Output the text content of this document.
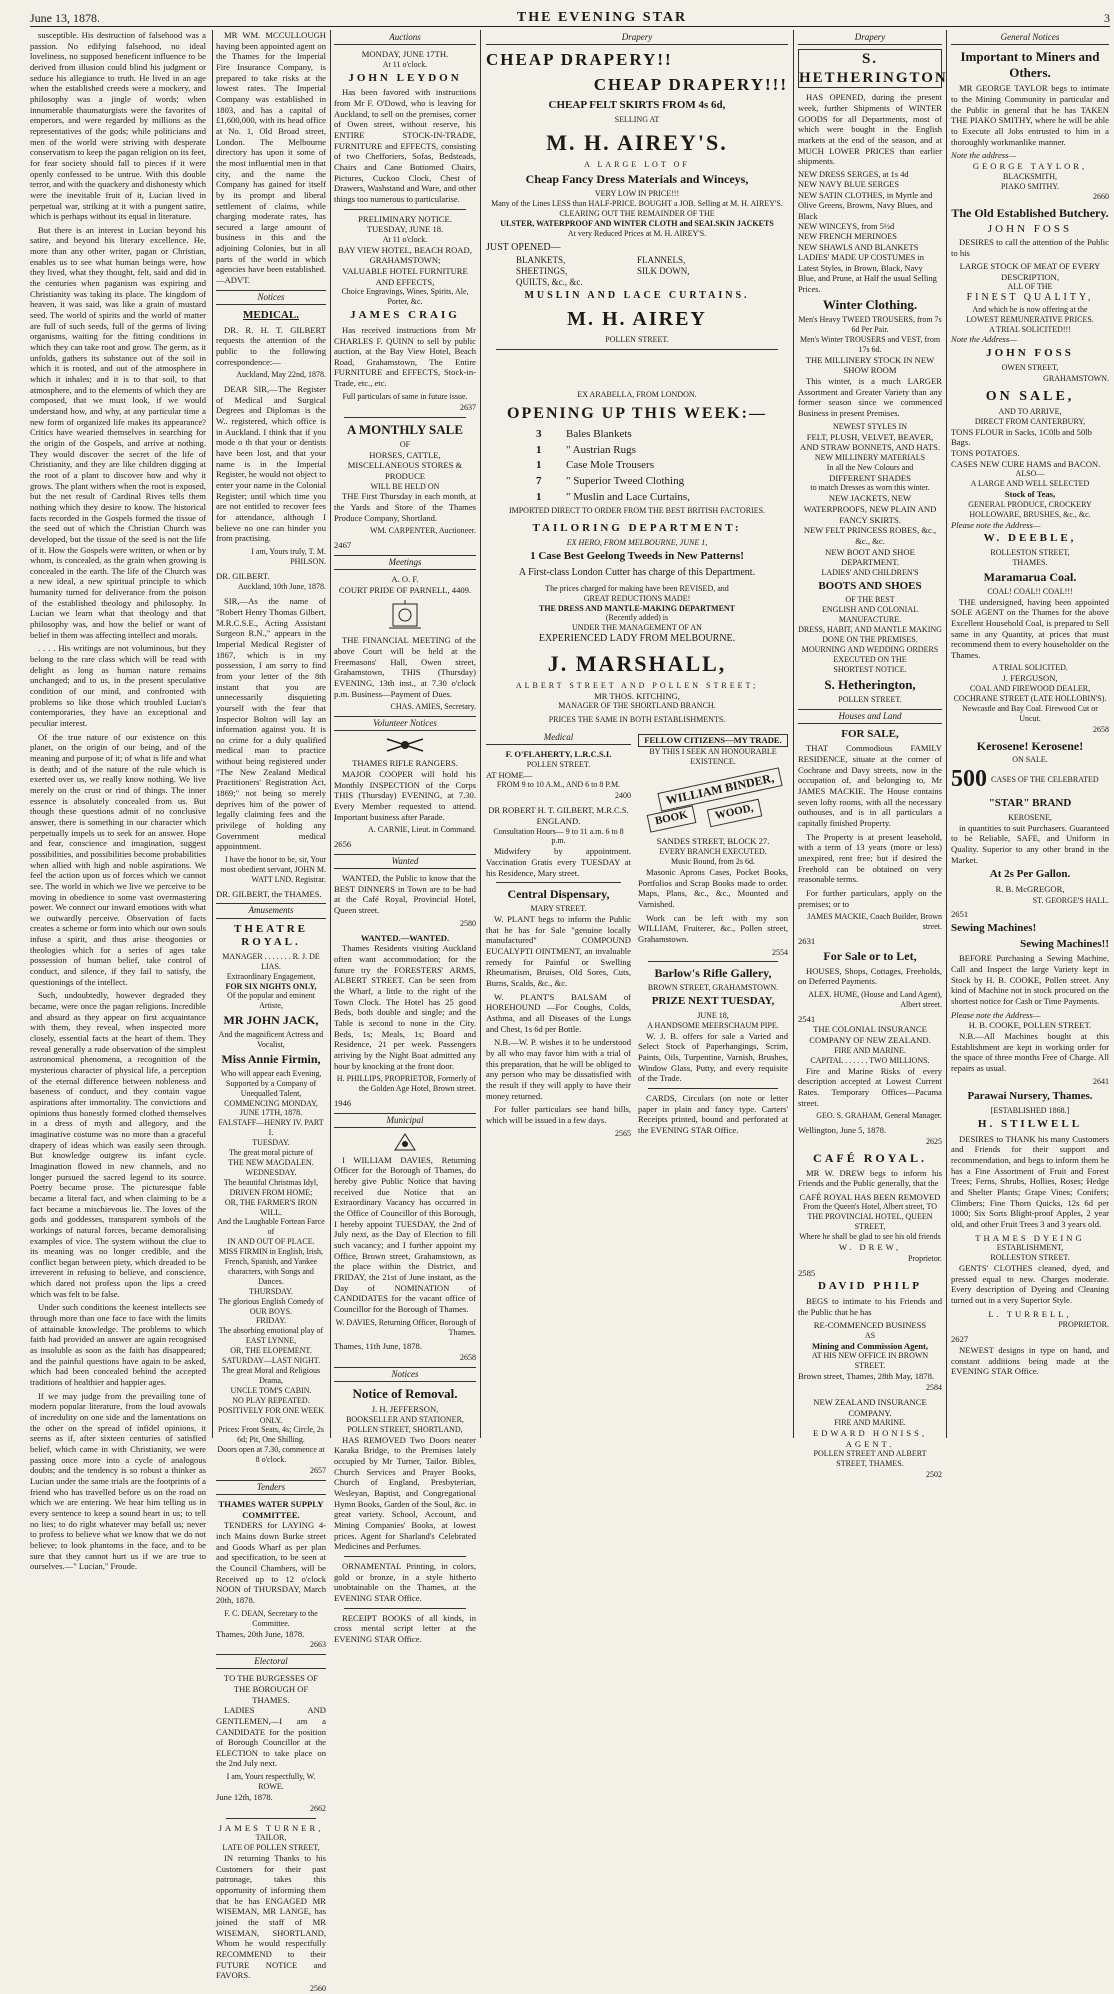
June 13, 1878.	THE EVENING STAR	3

susceptible. His destruction of falsehood was a passion. No edifying falsehood, no ideal loveliness, no supposed beneficent influence to be derived from illusion could blind his judgment or seduce his allegiance to truth. He lived in an age when the established creeds were a mockery, and philosophy was a jingle of words; when innumerable thaumaturgists were the favorites of emperors, and were regarded by millions as the representatives of the gods; while politicians and men of the world were striving with desperate conservatism to keep the pagan religion on its feet, for fear society should fall to pieces if it were openly confessed to be untrue. With this double terror, and with the quackery and dishonesty which were the inevitable fruit of it, Lucian lived in perpetual war, striking at it with a pungent satire, which is perhaps without its equal in literature.

But there is an interest in Lucian beyond his satire, and beyond his literary excellence. He, more than any other writer, pagan or Christian, enables us to see what human beings were, how they lived, what they thought, felt, said and did in the centuries when paganism was expiring and Christianity was taking its place. The kingdom of heaven, it was said, was like a grain of mustard seed. The world of spirits and the world of matter are full of such seeds, full of the germs of living organisms, waiting for the fitting conditions in which they can take root and grow. The germ, as it unfolds, gathers its substance out of the soil in which it is rooted, and out of the atmosphere in which it inhales; and it is to that soil, to that atmosphere, and to the elements of which they are composed, that we must look, if we would understand how, and why, at any particular time a new form of organized life makes its appearance? Critics have wearied themselves in searching for the origin of the Gospels, and arrive at nothing. They would discover the secret of the life of Christianity, and they are like children digging at the root of a plant to discover how and why it grows. The plant withers when the root is exposed, but the net result of Cardinal Rives tells them nothing which they desire to know. The historical facts recorded in the Gospels formed the tissue of the seed out of which the Christian Church was developed, but the tissue of the seed is not the life of it. How the Gospels were written, or when or by whom, is concealed, as the grain when growing is concealed in the earth. The life of the Church was a new ideal, a new spiritual principle to which humanity turned for deliverance from the poison of the established theology and philosophy. In Lucian we learn what that theology and that philosophy was, and how the belief or want of belief in them was affecting intellect and morals.

. . . . His writings are not voluminous, but they belong to the rare class which will be read with delight as long as human nature remains unchanged; and to us, in the present speculative condition of our mind, and confronted with problems so like those which troubled Lucian's contemporaries, they have an exceptional and peculiar interest.

Of the true nature of our existence on this planet, on the origin of our being, and of the meaning and purpose of it; of what is life and what is death; and of the nature of the rule which is exerted over us, we really know nothing. We live merely on the crust or rind of things. The inner essence is absolutely concealed from us. But though these questions admit of no conclusive answer, there is something in our character which perpetually impels us to seek for an answer. Hope and fear, conscience and imagination, suggest possibilities, and possibilities become probabilities when allied with high and noble aspirations. We feel the action upon us of forces which we cannot see. The world in which we live we perceive to be moving in obedience to some vast overmastering power. We connect our inward emotions with what we outwardly perceive. Observation of facts creates a scheme or form into which our own souls infuse a spirit, and thus arise theogonies or theologies which for a series of ages take possession of human belief, take control of conduct, and silence, if they fail to satisfy, the questionings of the intellect.

Such, undoubtedly, however degraded they became, were once the pagan religions. Incredible and absurd as they appear on first acquaintance with them, they reveal, when inspected more closely, essential facts at the heart of them. They reveal generally a rude observation of the simplest astronomical phenomena, a recognition of the mysterious character of physical life, a perception of the eternal difference between nobleness and baseness of conduct, and they contain vague aspirations after immortality. The convictions and opinions thus honestly formed clothed themselves in a dress of myth and allegory, and the imaginative costume was no more than a graceful drapery of ideas which was easily seen through. But knowledge outgrew its infant cycle. Imagination flowed in new channels, and no longer pursued the sacred legend to its source. Poetry became prose. The picturesque fable became a literal fact, and when claiming to be a fact became a mischievous lie. The loves of the gods and goddesses, transparent symbols of the workings of natural forces, became demoralising examples of vice. The system without the clue to its meaning was no longer credible, and the conflict began between piety, which dreaded to be irreverent in refusing to believe, and conscience, which dared not profess upon the lips a creed which was felt to be false.

Under such conditions the keenest intellects see through more than one face to face with the limits of attainable knowledge. The problems to which faith had provided an answer are again recognised as insoluble as soon as the faith has disappeared; and the painful questions have again to be asked, which had been concealed behind the accepted traditions of healthier and happier ages.

If we may judge from the prevailing tone of modern popular literature, from the loud avowals of incredulity on one side and the lamentations on the other on the spread of infidel opinions, it seems as if, after sixteen centuries of satisfied belief, which came in with Christianity, we were passing once more into a cycle of analogous doubts; and the tendency is so robust a thinker as Lucian under the same trials are the footprints of a friend who has travelled before us on the road on which we are entering. We hear him telling us in every sentence to keep a sound heart in us; to tell no lies; to do right whatever may befall us; never to profess to believe what we know that we do not believe; to look phantoms in the face, and to be sure that they cannot hurt us if we are true to ourselves.—" Lucian," Froude.

MR WM. MCCULLOUGH having been appointed agent on the Thames for the Imperial Fire Insurance Company, is prepared to take risks at the lowest rates. The Imperial Company was established in 1803, and has a capital of £1,600,000, with its head office at No. 1, Old Broad street, London. The Melbourne directory has upon it some of the most influential men in that city, and the name the Company has gained for itself by its prompt and liberal settlement of claims, while charging moderate rates, has secured a large amount of business in this and the adjoining Colonies, but in all parts of the world in which agencies have been established.—ADVT.

Notices
MEDICAL.

DR. R. H. T. GILBERT requests the attention of the public to the following correspondence:—

Auckland, May 22nd, 1878.

DEAR SIR,—The Register of Medical and Surgical Degrees and Diplomas is the W.. registered, which office is in Auckland. I think that if you mode o th that your or dentists have been lost, and that your name is in the Imperial Register, he would not object to enter your name in the Colonial Register; until which time you are not entitled to recover fees for attendance, although I believe no one can hinder you from practising.

I am, Yours truly, T. M. PHILSON.
DR. GILBERT.
Auckland, 10th June, 1878.

SIR,—As the name of "Robert Henry Thomas Gilbert, M.R.C.S.E., Acting Assistant Surgeon R.N.," appears in the Imperial Medical Register of 1867, which is in my possession, I am sorry to find from your letter of the 8th instant that you are unnecessarily disquieting yourself with the fear that Inspector Bolton will lay an information against you. It is no crime for a duly qualified medical man to practice without being registered under "The New Zealand Medical Practitioners' Registration Act, 1869;" not being so merely deprives him of the power of legally claiming fees and the privilege of holding any Government medical appointment.

I have the honor to be, sir, Your most obedient servant, JOHN M. WATT LND. Registrar.
DR. GILBERT, the THAMES.
Amusements
THEATRE ROYAL.
MANAGER . . . . . . . R. J. DE LIAS.
Extraordinary Engagement,
FOR SIX NIGHTS ONLY,
Of the popular and eminent Artiste,
MR JOHN JACK,
And the magnificent Actress and Vocalist,
Miss Annie Firmin,
Who will appear each Evening,
Supported by a Company of Unequalled Talent,
COMMENCING MONDAY,
JUNE 17TH, 1878.
FALSTAFF—HENRY IV. PART I.
TUESDAY.
The great moral picture of
THE NEW MAGDALEN.
WEDNESDAY.
The beautiful Christmas Idyl,
DRIVEN FROM HOME;
OR, THE FARMER'S IRON WILL.
And the Laughable Fortean Farce of
IN AND OUT OF PLACE.
MISS FIRMIN in English, Irish, French, Spanish, and Yankee characters, with Songs and Dances.
THURSDAY.
The glorious English Comedy of
OUR BOYS.
FRIDAY.
The absorbing emotional play of
EAST LYNNE,
OR, THE ELOPEMENT.
SATURDAY—LAST NIGHT.
The great Moral and Religious Drama,
UNCLE TOM'S CABIN.
NO PLAY REPEATED.
POSITIVELY FOR ONE WEEK ONLY.
Prices: Front Seats, 4s; Circle, 2s 6d; Pit, One Shilling.
Doors open at 7.30, commence at 8 o'clock.
2657
Tenders
THAMES WATER SUPPLY COMMITTEE.

TENDERS for LAYING 4-inch Mains down Burke street and Goods Wharf as per plan and specification, to be seen at the Council Chambers, will be Received up to 12 o'clock NOON of THURSDAY, March 20th, 1878.

F. C. DEAN, Secretary to the Committee.
Thames, 20th June, 1878.
2663
Electoral
TO THE BURGESSES OF THE BOROUGH OF THAMES.

LADIES AND GENTLEMEN,—I am a CANDIDATE for the position of Borough Councillor at the ELECTION to take place on the 2nd July next.

I am, Yours respectfully, W. ROWE.
June 12th, 1878.
2662
JAMES TURNER,
TAILOR,
LATE OF POLLEN STREET,

IN returning Thanks to his Customers for their past patronage, takes this opportunity of informing them that he has ENGAGED MR WISEMAN, MR LANGE, has joined the staff of MR WISEMAN, SHORTLAND, Whom he would respectfully RECOMMEND to their FUTURE NOTICE and FAVORS.

2560
Auctions
MONDAY, JUNE 17TH.
At 11 o'clock.
JOHN LEYDON

Has been favored with instructions from Mr F. O'Dowd, who is leaving for Auckland, to sell on the premises, corner of Owen street, without reserve, his ENTIRE STOCK-IN-TRADE, FURNITURE and EFFECTS, consisting of two Chefforiers, Sofas, Bedsteads, Chairs and Cane Bottomed Chairs, Pictures, Cuckoo Clock, Chest of Drawers, Washstand and Ware, and other things too numerous to particularise.

PRELIMINARY NOTICE.
TUESDAY, JUNE 18.
At 11 o'clock.
BAY VIEW HOTEL, BEACH ROAD, GRAHAMSTOWN;
VALUABLE HOTEL FURNITURE AND EFFECTS,
Choice Engravings, Wines, Spirits, Ale, Porter, &c.
JAMES CRAIG

Has received instructions from Mr CHARLES F. QUINN to sell by public auction, at the Bay View Hotel, Beach Road, Grahamstown, The Entire FURNITURE and EFFECTS, Stock-in-Trade, etc., etc.

Full particulars of same in future issue.
2637
A MONTHLY SALE
OF
HORSES, CATTLE, MISCELLANEOUS STORES & PRODUCE
WILL BE HELD ON

THE First Thursday in each month, at the Yards and Store of the Thames Produce Company, Shortland.

WM. CARPENTER, Auctioneer.
2467
Meetings
A. O. F.
COURT PRIDE OF PARNELL, 4409.

THE FINANCIAL MEETING of the above Court will be held at the Freemasons' Hall, Owen street, Grahamstown, THIS (Thursday) EVENING, 13th inst., at 7.30 o'clock p.m. Business—Payment of Dues.

CHAS. AMIES, Secretary.
Volunteer Notices
THAMES RIFLE RANGERS.

MAJOR COOPER will hold his Monthly INSPECTION of the Corps THIS (Thursday) EVENING, at 7.30. Every Member requested to attend. Important business after Parade.

A. CARNIE, Lieut. in Command.
2656
Wanted

WANTED, the Public to know that the BEST DINNERS in Town are to be had at the Café Royal, Provincial Hotel, Queen street.

2580
WANTED.—WANTED.

Thames Residents visiting Auckland often want accommodation; for the future try the FORESTERS' ARMS, ALBERT STREET. Can be seen from the Wharf, a little to the right of the Town Clock. The Hotel has 25 good Beds, both double and single; and the Table is second to none in the City. Beds, 1s; Meals, 1s; Board and Residence, 21 per week. Passengers arriving by the Night Boat admitted any hour by knocking at the front door.

H. PHILLIPS, PROPRIETOR, Formerly of the Golden Age Hotel, Brown street.
1946
Municipal

I WILLIAM DAVIES, Returning Officer for the Borough of Thames, do hereby give Public Notice that having received due Notice that an Extraordinary Vacancy has occurred in the Office of Councillor of this Borough, I hereby appoint TUESDAY, the 2nd of July next, as the Day of Election to fill such vacancy; and I further appoint my Office, Brown street, Grahamstown, as the place within the District, and FRIDAY, the 21st of June instant, as the Day of NOMINATION of CANDIDATES for the vacant office of Councillor for the Borough of Thames.

W. DAVIES, Returning Officer, Borough of Thames.
Thames, 11th June, 1878.
2658
Notices
Notice of Removal.
J. H. JEFFERSON,
BOOKSELLER AND STATIONER,
POLLEN STREET, SHORTLAND,

HAS REMOVED Two Doors nearer Karaka Bridge, to the Premises lately occupied by Mr Turner, Tailor. Bibles, Church Services and Prayer Books, Church of England, Presbyterian, Wesleyan, Baptist, and Congregational Hymn Books, Garden of the Soul, &c. in great variety. School, Account, and Mining Companies' Books, at lowest prices. Agent for Sharland's Celebrated Medicines and Perfumes.

ORNAMENTAL Printing, in colors, gold or bronze, in a style hitherto unobtainable on the Thames, at the EVENING STAR Office.

RECEIPT BOOKS of all kinds, in cross mental script letter at the EVENING STAR Office.

Drapery
CHEAP DRAPERY!!
CHEAP DRAPERY!!!
CHEAP FELT SKIRTS FROM 4s 6d,
SELLING AT
M. H. AIREY'S.
A LARGE LOT OF
Cheap Fancy Dress Materials and Winceys,
VERY LOW IN PRICE!!!
Many of the Lines LESS than HALF-PRICE. BOUGHT a JOB. Selling at M. H. AIREY'S.
CLEARING OUT THE REMAINDER OF THE
ULSTER, WATERPROOF AND WINTER CLOTH and SEALSKIN JACKETS
At very Reduced Prices at M. H. AIREY'S.
JUST OPENED—
BLANKETS,	FLANNELS,
SHEETINGS,	SILK DOWN,
QUILTS, &c., &c.
MUSLIN AND LACE CURTAINS.
M. H. AIREY
POLLEN STREET.
EX ARABELLA, FROM LONDON.
OPENING UP THIS WEEK:—
3	Bales Blankets
1	" Austrian Rugs
1	Case Mole Trousers
7	" Superior Tweed Clothing
1	" Muslin and Lace Curtains,
IMPORTED DIRECT TO ORDER FROM THE BEST BRITISH FACTORIES.
TAILORING DEPARTMENT:
EX HERO, FROM MELBOURNE, JUNE 1,
1 Case Best Geelong Tweeds in New Patterns!
A First-class London Cutter has charge of this Department.
The prices charged for making have been REVISED, and
GREAT REDUCTIONS MADE!
THE DRESS AND MANTLE-MAKING DEPARTMENT
(Recently added) is
UNDER THE MANAGEMENT OF AN
EXPERIENCED LADY FROM MELBOURNE.
J. MARSHALL,
ALBERT STREET AND POLLEN STREET;
MR THOS. KITCHING,
MANAGER OF THE SHORTLAND BRANCH.
PRICES THE SAME IN BOTH ESTABLISHMENTS.
Medical
F. O'FLAHERTY, L.R.C.S.I.
POLLEN STREET.
AT HOME—
FROM 9 to 10 A.M., AND 6 to 8 P.M.
2400
DR ROBERT H. T. GILBERT, M.R.C.S. ENGLAND.
Consultation Hours— 9 to 11 a.m. 6 to 8 p.m.

Midwifery by appointment. Vaccination Gratis every TUESDAY at his Residence, Mary street.

Central Dispensary,
MARY STREET.

W. PLANT begs to inform the Public that he has for Sale "genuine locally manufactured" COMPOUND EUCALYPTI OINTMENT, an invaluable remedy for Painful or Swelling Rheumatism, Bruises, Old Sores, Cuts, Burns, Scalds, &c., &c.

W. PLANT'S BALSAM of HOREHOUND —For Coughs, Colds, Asthma, and all Diseases of the Lungs and Chest, 1s 6d per Bottle.

N.B.—W. P. wishes it to be understood by all who may favor him with a trial of this preparation, that he will be obliged to any person who may be dissatisfied with the result if they will apply to have their money returned.

For fuller particulars see hand bills, which will be issued in a few days.

2565
FELLOW CITIZENS—MY TRADE.
BY THIS I SEEK AN HONOURABLE EXISTENCE.
WILLIAM BINDER,
BOOK	WOOD,
SANDES STREET, BLOCK 27.
EVERY BRANCH EXECUTED.
Music Bound, from 2s 6d.

Masonic Aprons Cases, Pocket Books, Portfolios and Scrap Books made to order. Maps, Plans, &c., &c., Mounted and Varnished.

Work can be left with my son WILLIAM, Fruiterer, &c., Pollen street, Grahamstown.

2554
Barlow's Rifle Gallery,
BROWN STREET, GRAHAMSTOWN.
PRIZE NEXT TUESDAY,
JUNE 18,
A HANDSOME MEERSCHAUM PIPE.

W. J. B. offers for sale a Varied and Select Stock of Paperhangings, Scrim, Paints, Oils, Turpentine, Varnish, Brushes, Window Glass, Putty, and every requisite of the Trade.

CARDS, Circulars (on note or letter paper in plain and fancy type. Carters' Receipts printed, bound and perforated at the EVENING STAR Office.

Drapery
S. HETHERINGTON

HAS OPENED, during the present week, further Shipments of WINTER GOODS for all Departments, most of which were bought in the English markets at the end of the season, and at MUCH LOWER PRICES than earlier shipments.

NEW DRESS SERGES, at 1s 4d
NEW NAVY BLUE SERGES
NEW SATIN CLOTHES, in Myrtle and Olive Greens, Browns, Navy Blues, and Black
NEW WINCEYS, from 5½d
NEW FRENCH MERINOES
NEW SHAWLS AND BLANKETS
LADIES' MADE UP COSTUMES in Latest Styles, in Brown, Black, Navy Blue, and Prune, at Half the usual Selling Prices.
Winter Clothing.
Men's Heavy TWEED TROUSERS, from 7s 6d Per Pair.
Men's Winter TROUSERS and VEST, from 17s 6d.
THE MILLINERY STOCK IN NEW SHOW ROOM

This winter, is a much LARGER Assortment and Greater Variety than any former season since we commenced Business in present Premises.

NEWEST STYLES IN
FELT, PLUSH, VELVET, BEAVER, AND STRAW BONNETS, AND HATS.
NEW MILLINERY MATERIALS
In all the New Colours and
DIFFERENT SHADES
to match Dresses as worn this winter.
NEW JACKETS, NEW WATERPROOFS, NEW PLAIN AND FANCY SKIRTS.
NEW FELT PRINCESS ROBES, &c., &c., &c.
NEW BOOT AND SHOE DEPARTMENT.
LADIES' AND CHILDREN'S
BOOTS AND SHOES
OF THE BEST
ENGLISH AND COLONIAL MANUFACTURE.
DRESS, HABIT, AND MANTLE MAKING
DONE ON THE PREMISES.
MOURNING AND WEDDING ORDERS
EXECUTED ON THE
SHORTEST NOTICE.
S. Hetherington,
POLLEN STREET.
Houses and Land
FOR SALE,

THAT Commodious FAMILY RESIDENCE, situate at the corner of Cochrane and Davy streets, now in the occupation of, and belonging to, Mr JAMES MACKIE. The House contains seven lofty rooms, with all the necessary outhouses, and is in all particulars a capitally finished Property.

The Property is at present leasehold, with a term of 13 years (more or less) unexpired, rent free; but if desired the Freehold can be obtained on very reasonable terms.

For further particulars, apply on the premises; or to

JAMES MACKIE, Coach Builder, Brown street.
2631
For Sale or to Let,

HOUSES, Shops, Cottages, Freeholds, on Deferred Payments.

ALEX. HUME, (House and Land Agent), Albert street.
2541
THE COLONIAL INSURANCE COMPANY OF NEW ZEALAND.
FIRE AND MARINE.
CAPITAL . . . . . . TWO MILLIONS.

Fire and Marine Risks of every description accepted at Lowest Current Rates. Temporary Offices—Pacama street.

GEO. S. GRAHAM, General Manager.
Wellington, June 5, 1878.
2625
CAFÉ ROYAL.

MR W. DREW begs to inform his Friends and the Public generally, that the

CAFÉ ROYAL HAS BEEN REMOVED
From the Queen's Hotel, Albert street, TO THE PROVINCIAL HOTEL, QUEEN STREET,
Where he shall be glad to see his old friends
W. DREW,
Proprietor.
2585
DAVID PHILP

BEGS to intimate to his Friends and the Public that he has

RE-COMMENCED BUSINESS
AS
Mining and Commission Agent,
AT HIS NEW OFFICE IN BROWN STREET.
Brown street, Thames, 28th May, 1878.
2584
NEW ZEALAND INSURANCE COMPANY.
FIRE AND MARINE.
EDWARD HONISS, AGENT.
POLLEN STREET AND ALBERT STREET, THAMES.
2502
General Notices
Important to Miners and Others.

MR GEORGE TAYLOR begs to intimate to the Mining Community in particular and the Public in general that he has TAKEN THE PIAKO SMITHY, where he will be able to Execute all Jobs entrusted to him in a thoroughly workmanlike manner.

Note the address—
GEORGE TAYLOR,
BLACKSMITH,
PIAKO SMITHY.
2660
The Old Established Butchery.
JOHN FOSS

DESIRES to call the attention of the Public to his

LARGE STOCK OF MEAT OF EVERY DESCRIPTION,
ALL OF THE
FINEST QUALITY,
And which he is now offering at the
LOWEST REMUNERATIVE PRICES.
A TRIAL SOLICITED!!!
Note the Address—
JOHN FOSS
OWEN STREET,
GRAHAMSTOWN.
ON SALE,
AND TO ARRIVE,
DIRECT FROM CANTERBURY,
TONS FLOUR in Sacks, 1C0lb and 50lb Bags.
TONS POTATOES.
CASES NEW CURE HAMS and BACON.
ALSO—
A LARGE AND WELL SELECTED
Stock of Teas,
GENERAL PRODUCE, CROCKERY HOLLOWARE, BRUSHES, &c., &c.
Please note the Address—
W. DEEBLE,
ROLLESTON STREET,
THAMES.
Maramarua Coal.
COAL! COAL!! COAL!!!

THE undersigned, having been appointed SOLE AGENT on the Thames for the above Excellent Household Coal, is prepared to Sell same in any Quantity, at prices that must recommend them to every householder on the Thames.

A TRIAL SOLICITED.
J. FERGUSON,
COAL AND FIREWOOD DEALER,
COCHRANE STREET (LATE HOLLOBIN'S).
Newcastle and Bay Coal. Firewood Cut or Uncut.
2658
Kerosene! Kerosene!
ON SALE.
500 CASES OF THE CELEBRATED
"STAR" BRAND
KEROSENE,

in quantities to suit Purchasers. Guaranteed to be Reliable, SAFE, and Uniform in Quality. Superior to any other brand in the Market.

At 2s Per Gallon.
R. B. McGREGOR,
ST. GEORGE'S HALL.
2651
Sewing Machines!
Sewing Machines!!

BEFORE Purchasing a Sewing Machine, Call and Inspect the large Variety kept in Stock by H. B. COOKE, Pollen street. Any kind of Machine not in stock procured on the shortest notice for Cash or Time Payments.

Please note the Address—
H. B. COOKE, POLLEN STREET.

N.B.—All Machines bought at this Establishment are kept in working order for the space of three months Free of Charge. All repairs as usual.

2641
Parawai Nursery, Thames.
[ESTABLISHED 1868.]
H. STILWELL

DESIRES to THANK his many Customers and Friends for their support and recommendation, and begs to inform them he has a Fine Assortment of Fruit and Forest Trees; Ferns, Shrubs, Hollies, Roses; Hedge and Shelter Plants; Grape Vines; Conifers; Climbers; Fine Thorn Quicks, 12s 6d per 1000; Six Sorts Blight-proof Apples, 2 year old, and other Fruit Trees 3 and 3 years old.

THAMES DYEING
ESTABLISHMENT,
ROLLESTON STREET.

GENTS' CLOTHES cleaned, dyed, and pressed equal to new. Charges moderate. Every description of Dyeing and Cleaning turned out in a very Superior Style.

L. TURRELL,
PROPRIETOR.
2627

NEWEST designs in type on hand, and constant additions being made at the EVENING STAR Office.
